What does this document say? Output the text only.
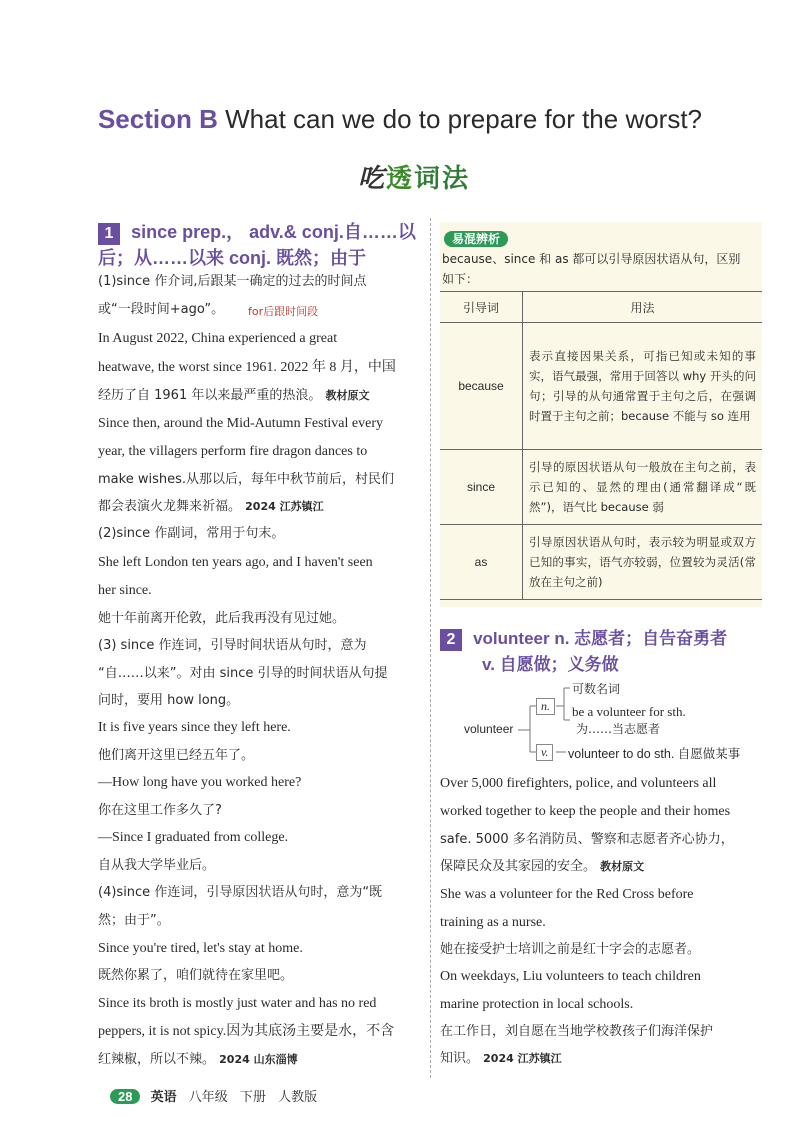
Section B What can we do to prepare for the worst?
吃透词法
1 since prep.， adv.& conj.自……以
后；从……以来 conj. 既然；由于
(1)since 作介词,后跟某一确定的过去的时间点
或“一段时间+ago”。 for后跟时间段
In August 2022, China experienced a great
heatwave, the worst since 1961. 2022 年 8 月，中国
经历了自 1961 年以来最严重的热浪。 教材原文
Since then, around the Mid-Autumn Festival every
year, the villagers perform fire dragon dances to
make wishes.从那以后，每年中秋节前后，村民们
都会表演火龙舞来祈福。 2024 江苏镇江
(2)since 作副词，常用于句末。
She left London ten years ago, and I haven't seen
her since.
她十年前离开伦敦，此后我再没有见过她。
(3) since 作连词，引导时间状语从句时，意为
“自……以来”。对由 since 引导的时间状语从句提
问时，要用 how long。
It is five years since they left here.
他们离开这里已经五年了。
—How long have you worked here?
你在这里工作多久了?
—Since I graduated from college.
自从我大学毕业后。
(4)since 作连词，引导原因状语从句时，意为“既
然；由于”。
Since you're tired, let's stay at home.
既然你累了，咱们就待在家里吧。
Since its broth is mostly just water and has no red
peppers, it is not spicy.因为其底汤主要是水，不含
红辣椒，所以不辣。 2024 山东淄博
易混辨析
because、since 和 as 都可以引导原因状语从句，区别
如下：
引导词	用法
because	表示直接因果关系，可指已知或未知的事实，语气最强，常用于回答以 why 开头的问句；引导的从句通常置于主句之后，在强调时置于主句之前；because 不能与 so 连用
since	引导的原因状语从句一般放在主句之前，表示已知的、显然的理由(通常翻译成“既然”)，语气比 because 弱
as	引导原因状语从句时，表示较为明显或双方已知的事实，语气亦较弱，位置较为灵活(常放在主句之前)
2 volunteer n. 志愿者；自告奋勇者
v. 自愿做；义务做
volunteer
n.
v.
可数名词
be a volunteer for sth.
为……当志愿者
volunteer to do sth. 自愿做某事
Over 5,000 firefighters, police, and volunteers all
worked together to keep the people and their homes
safe. 5000 多名消防员、警察和志愿者齐心协力，
保障民众及其家园的安全。 教材原文
She was a volunteer for the Red Cross before
training as a nurse.
她在接受护士培训之前是红十字会的志愿者。
On weekdays, Liu volunteers to teach children
marine protection in local schools.
在工作日，刘自愿在当地学校教孩子们海洋保护
知识。 2024 江苏镇江
28 英语 八年级 下册 人教版
